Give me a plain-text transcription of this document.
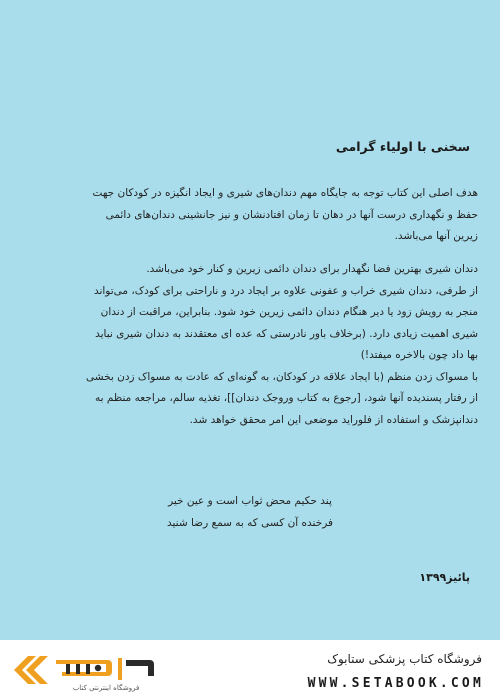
سخنی با اولیاء گرامی

هدف اصلی این کتاب توجه به جایگاه مهم دندان‌های شیری و ایجاد انگیزه در کودکان جهت

حفظ و نگهداری درست آنها در دهان تا زمان افتادنشان و نیز جانشینی دندان‌های دائمی

زیرین آنها می‌باشد.

دندان شیری بهترین فضا نگهدار برای دندان دائمی زیرین و کنار خود می‌باشد.

از طرفی، دندان شیری خراب و عفونی علاوه بر ایجاد درد و ناراحتی برای کودک، می‌تواند

منجر به رویش زود یا دیر هنگام دندان دائمی زیرین خود شود. بنابراین، مراقبت از دندان

شیری اهمیت زیادی دارد. (برخلاف باور نادرستی که عده ای معتقدند به دندان شیری نباید

بها داد چون بالاخره میفتد!)

با مسواک زدن منظم (با ایجاد علاقه در کودکان، به گونه‌ای که عادت به مسواک زدن بخشی

از رفتار پسندیده آنها شود، [رجوع به کتاب وروجک دندان]]، تغذیه سالم، مراجعه منظم به

دندانپزشک و استفاده از فلوراید موضعی این امر محقق خواهد شد.

پند حکیم محض ثواب است و عین خیر
فرخنده آن کسی که به سمع رضا شنید
پائیز۱۳۹۹
فروشگاه اینترنتی کتاب
فروشگاه کتاب پزشکی ستابوک
WWW.SETABOOK.COM
